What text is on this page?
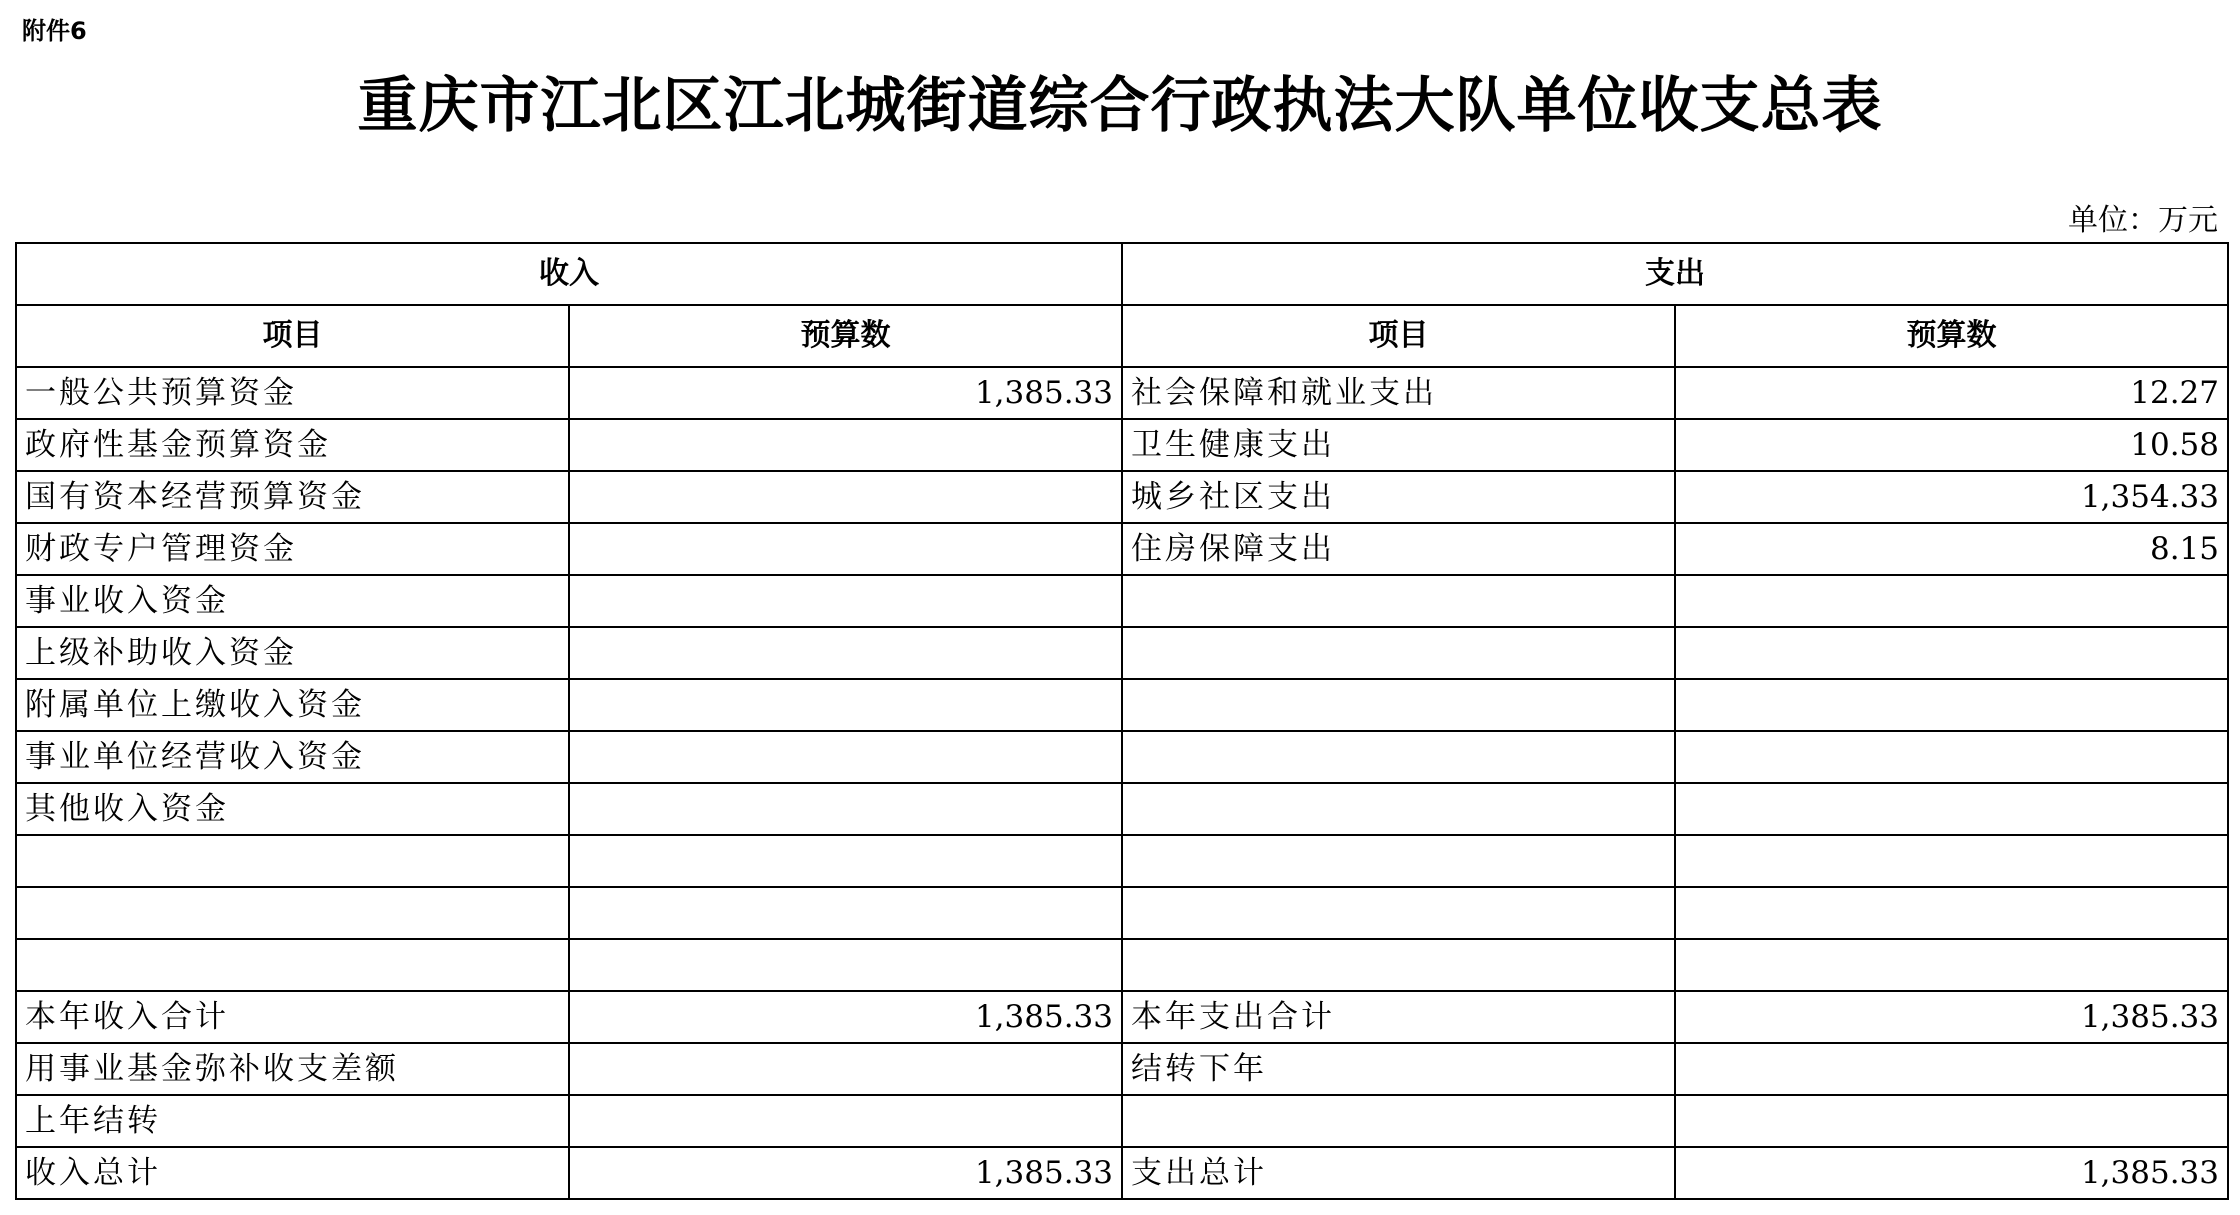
附件6
重庆市江北区江北城街道综合行政执法大队单位收支总表
单位：万元
收入		支出	
项目	预算数	项目	预算数
一般公共预算资金	1,385.33	社会保障和就业支出	12.27
政府性基金预算资金		卫生健康支出	10.58
国有资本经营预算资金		城乡社区支出	1,354.33
财政专户管理资金		住房保障支出	8.15
事业收入资金			
上级补助收入资金			
附属单位上缴收入资金			
事业单位经营收入资金			
其他收入资金			

本年收入合计	1,385.33	本年支出合计	1,385.33
用事业基金弥补收支差额		结转下年	
上年结转			
收入总计	1,385.33	支出总计	1,385.33
